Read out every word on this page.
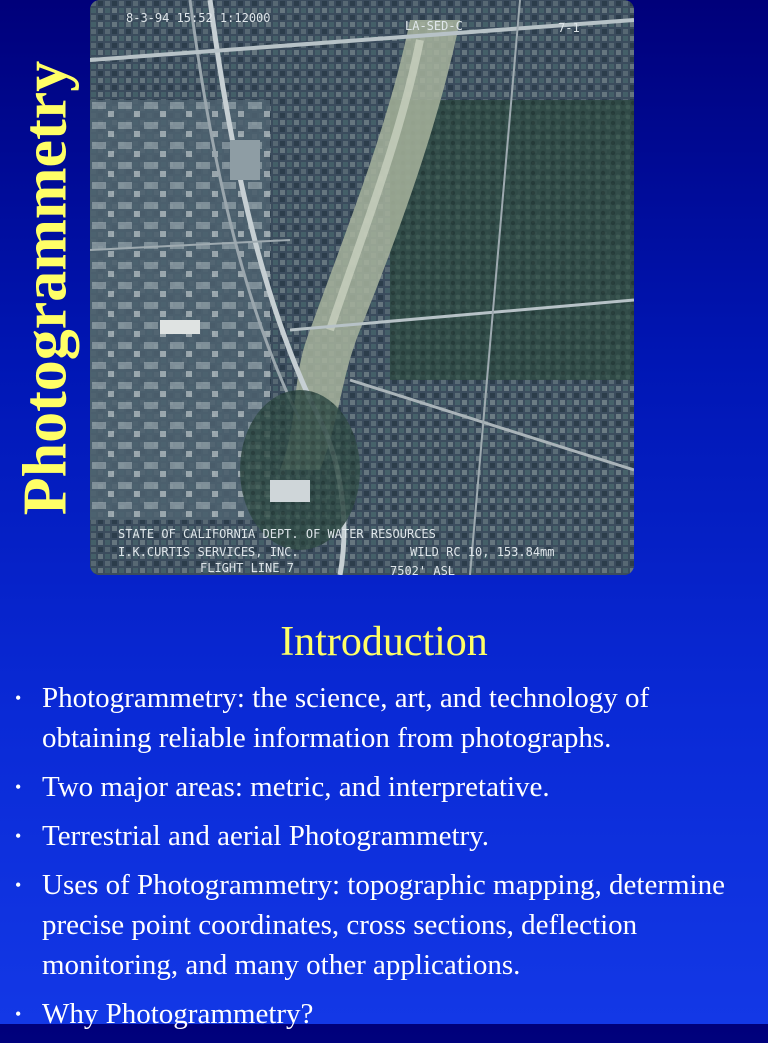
Photogrammetry
8-3-94 15:52 1:12000
LA-SED-C	7-1
STATE OF CALIFORNIA DEPT. OF WATER RESOURCES
I.K.CURTIS SERVICES, INC.	WILD RC 10, 153.84mm
FLIGHT LINE 7	7502' ASL
Introduction
• Photogrammetry: the science, art, and technology of obtaining reliable information from photographs.
• Two major areas: metric, and interpretative.
• Terrestrial and aerial Photogrammetry.
• Uses of Photogrammetry: topographic mapping, determine precise point coordinates, cross sections, deflection monitoring, and many other applications.
• Why Photogrammetry?
